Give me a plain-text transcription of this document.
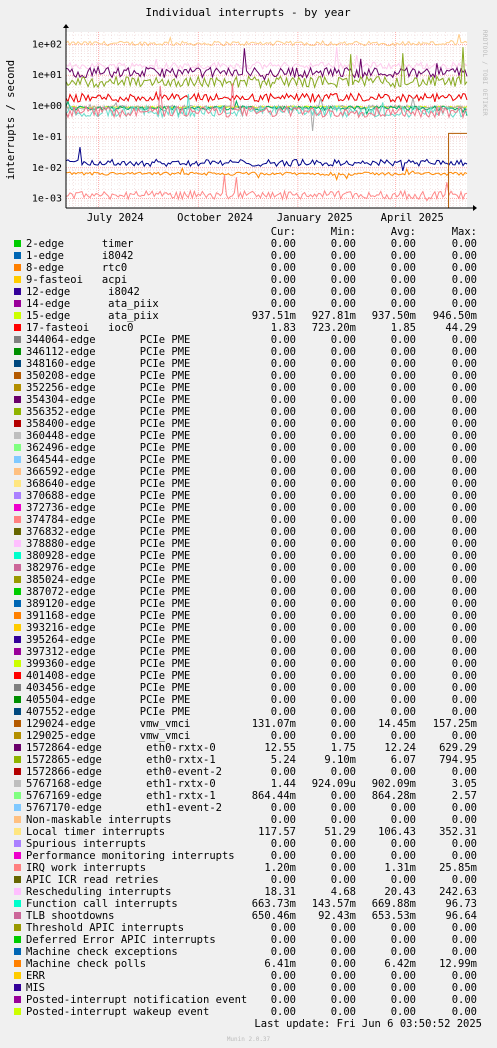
Individual interrupts - by year
interrupts / second
1e+02
1e+01
1e+00
1e-01
1e-02
1e-03
July 2024	October 2024 January 2025	April 2025
RRDTOOL / TOBI OETIKER
Cur:	Min:	Avg:	Max:
2-edge      timer	0.00	0.00	0.00	0.00
1-edge      i8042	0.00	0.00	0.00	0.00
8-edge      rtc0	0.00	0.00	0.00	0.00
9-fasteoi   acpi	0.00	0.00	0.00	0.00
12-edge      i8042	0.00	0.00	0.00	0.00
14-edge      ata_piix	0.00	0.00	0.00	0.00
15-edge      ata_piix	937.51m	927.81m	937.50m	946.50m
17-fasteoi   ioc0	1.83	723.20m	1.85	44.29
344064-edge       PCIe PME	0.00	0.00	0.00	0.00
346112-edge       PCIe PME	0.00	0.00	0.00	0.00
348160-edge       PCIe PME	0.00	0.00	0.00	0.00
350208-edge       PCIe PME	0.00	0.00	0.00	0.00
352256-edge       PCIe PME	0.00	0.00	0.00	0.00
354304-edge       PCIe PME	0.00	0.00	0.00	0.00
356352-edge       PCIe PME	0.00	0.00	0.00	0.00
358400-edge       PCIe PME	0.00	0.00	0.00	0.00
360448-edge       PCIe PME	0.00	0.00	0.00	0.00
362496-edge       PCIe PME	0.00	0.00	0.00	0.00
364544-edge       PCIe PME	0.00	0.00	0.00	0.00
366592-edge       PCIe PME	0.00	0.00	0.00	0.00
368640-edge       PCIe PME	0.00	0.00	0.00	0.00
370688-edge       PCIe PME	0.00	0.00	0.00	0.00
372736-edge       PCIe PME	0.00	0.00	0.00	0.00
374784-edge       PCIe PME	0.00	0.00	0.00	0.00
376832-edge       PCIe PME	0.00	0.00	0.00	0.00
378880-edge       PCIe PME	0.00	0.00	0.00	0.00
380928-edge       PCIe PME	0.00	0.00	0.00	0.00
382976-edge       PCIe PME	0.00	0.00	0.00	0.00
385024-edge       PCIe PME	0.00	0.00	0.00	0.00
387072-edge       PCIe PME	0.00	0.00	0.00	0.00
389120-edge       PCIe PME	0.00	0.00	0.00	0.00
391168-edge       PCIe PME	0.00	0.00	0.00	0.00
393216-edge       PCIe PME	0.00	0.00	0.00	0.00
395264-edge       PCIe PME	0.00	0.00	0.00	0.00
397312-edge       PCIe PME	0.00	0.00	0.00	0.00
399360-edge       PCIe PME	0.00	0.00	0.00	0.00
401408-edge       PCIe PME	0.00	0.00	0.00	0.00
403456-edge       PCIe PME	0.00	0.00	0.00	0.00
405504-edge       PCIe PME	0.00	0.00	0.00	0.00
407552-edge       PCIe PME	0.00	0.00	0.00	0.00
129024-edge       vmw_vmci	131.07m	0.00	14.45m	157.25m
129025-edge       vmw_vmci	0.00	0.00	0.00	0.00
1572864-edge       eth0-rxtx-0	12.55	1.75	12.24	629.29
1572865-edge       eth0-rxtx-1	5.24	9.10m	6.07	794.95
1572866-edge       eth0-event-2	0.00	0.00	0.00	0.00
5767168-edge       eth1-rxtx-0	1.44	924.09u	902.09m	3.05
5767169-edge       eth1-rxtx-1	864.44m	0.00	864.28m	2.57
5767170-edge       eth1-event-2	0.00	0.00	0.00	0.00
Non-maskable interrupts	0.00	0.00	0.00	0.00
Local timer interrupts	117.57	51.29	106.43	352.31
Spurious interrupts	0.00	0.00	0.00	0.00
Performance monitoring interrupts	0.00	0.00	0.00	0.00
IRQ work interrupts	1.20m	0.00	1.31m	25.85m
APIC ICR read retries	0.00	0.00	0.00	0.00
Rescheduling interrupts	18.31	4.68	20.43	242.63
Function call interrupts	663.73m	143.57m	669.88m	96.73
TLB shootdowns	650.46m	92.43m	653.53m	96.64
Threshold APIC interrupts	0.00	0.00	0.00	0.00
Deferred Error APIC interrupts	0.00	0.00	0.00	0.00
Machine check exceptions	0.00	0.00	0.00	0.00
Machine check polls	6.41m	0.00	6.42m	12.99m
ERR	0.00	0.00	0.00	0.00
MIS	0.00	0.00	0.00	0.00
Posted-interrupt notification event	0.00	0.00	0.00	0.00
Posted-interrupt wakeup event	0.00	0.00	0.00	0.00
Last update: Fri Jun 6 03:50:52 2025
Munin 2.0.37
